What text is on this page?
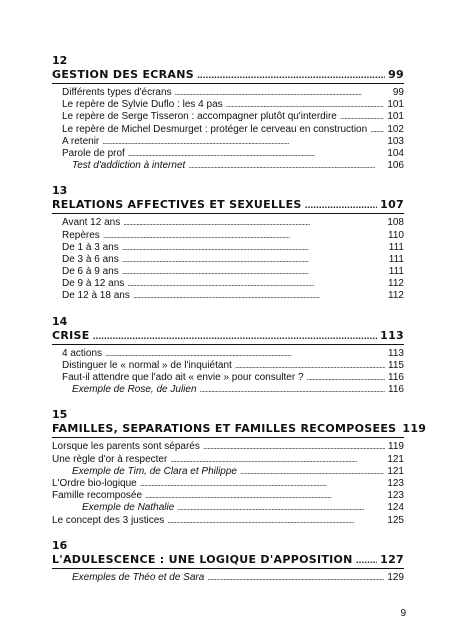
12
GESTION DES ECRANS . . .	99
Différents types d'écrans . . .	99
Le repère de Sylvie Duflo : les 4 pas . . .	101
Le repère de Serge Tisseron : accompagner plutôt qu'interdire . . .	101
Le repère de Michel Desmurget : protéger le cerveau en construction . . . 102
A retenir . . .	103
Parole de prof . . .	104
Test d'addiction à internet . . .	106
13
RELATIONS AFFECTIVES ET SEXUELLES . . .	107
Avant 12 ans . . .	108
Repères . . .	110
De 1 à 3 ans . . .	111
De 3 à 6 ans . . .	111
De 6 à 9 ans . . .	111
De 9 à 12 ans . . .	112
De 12 à 18 ans . . .	112
14
CRISE . . .	113
4 actions . . .	113
Distinguer le « normal » de l'inquiétant . . .	115
Faut-il attendre que l'ado ait « envie » pour consulter ? . . .	116
Exemple de Rose, de Julien . . .	116
15
FAMILLES, SEPARATIONS ET FAMILLES RECOMPOSEES 119
Lorsque les parents sont séparés . . .	119
Une règle d'or à respecter . . .	121
Exemple de Tim, de Clara et Philippe . . .	121
L'Ordre bio-logique . . .	123
Famille recomposée . . .	123
Exemple de Nathalie . . .	124
Le concept des 3 justices . . .	125
16
L'ADULESCENCE : UNE LOGIQUE D'APPOSITION . . . 127
Exemples de Théo et de Sara . . .	129
9
